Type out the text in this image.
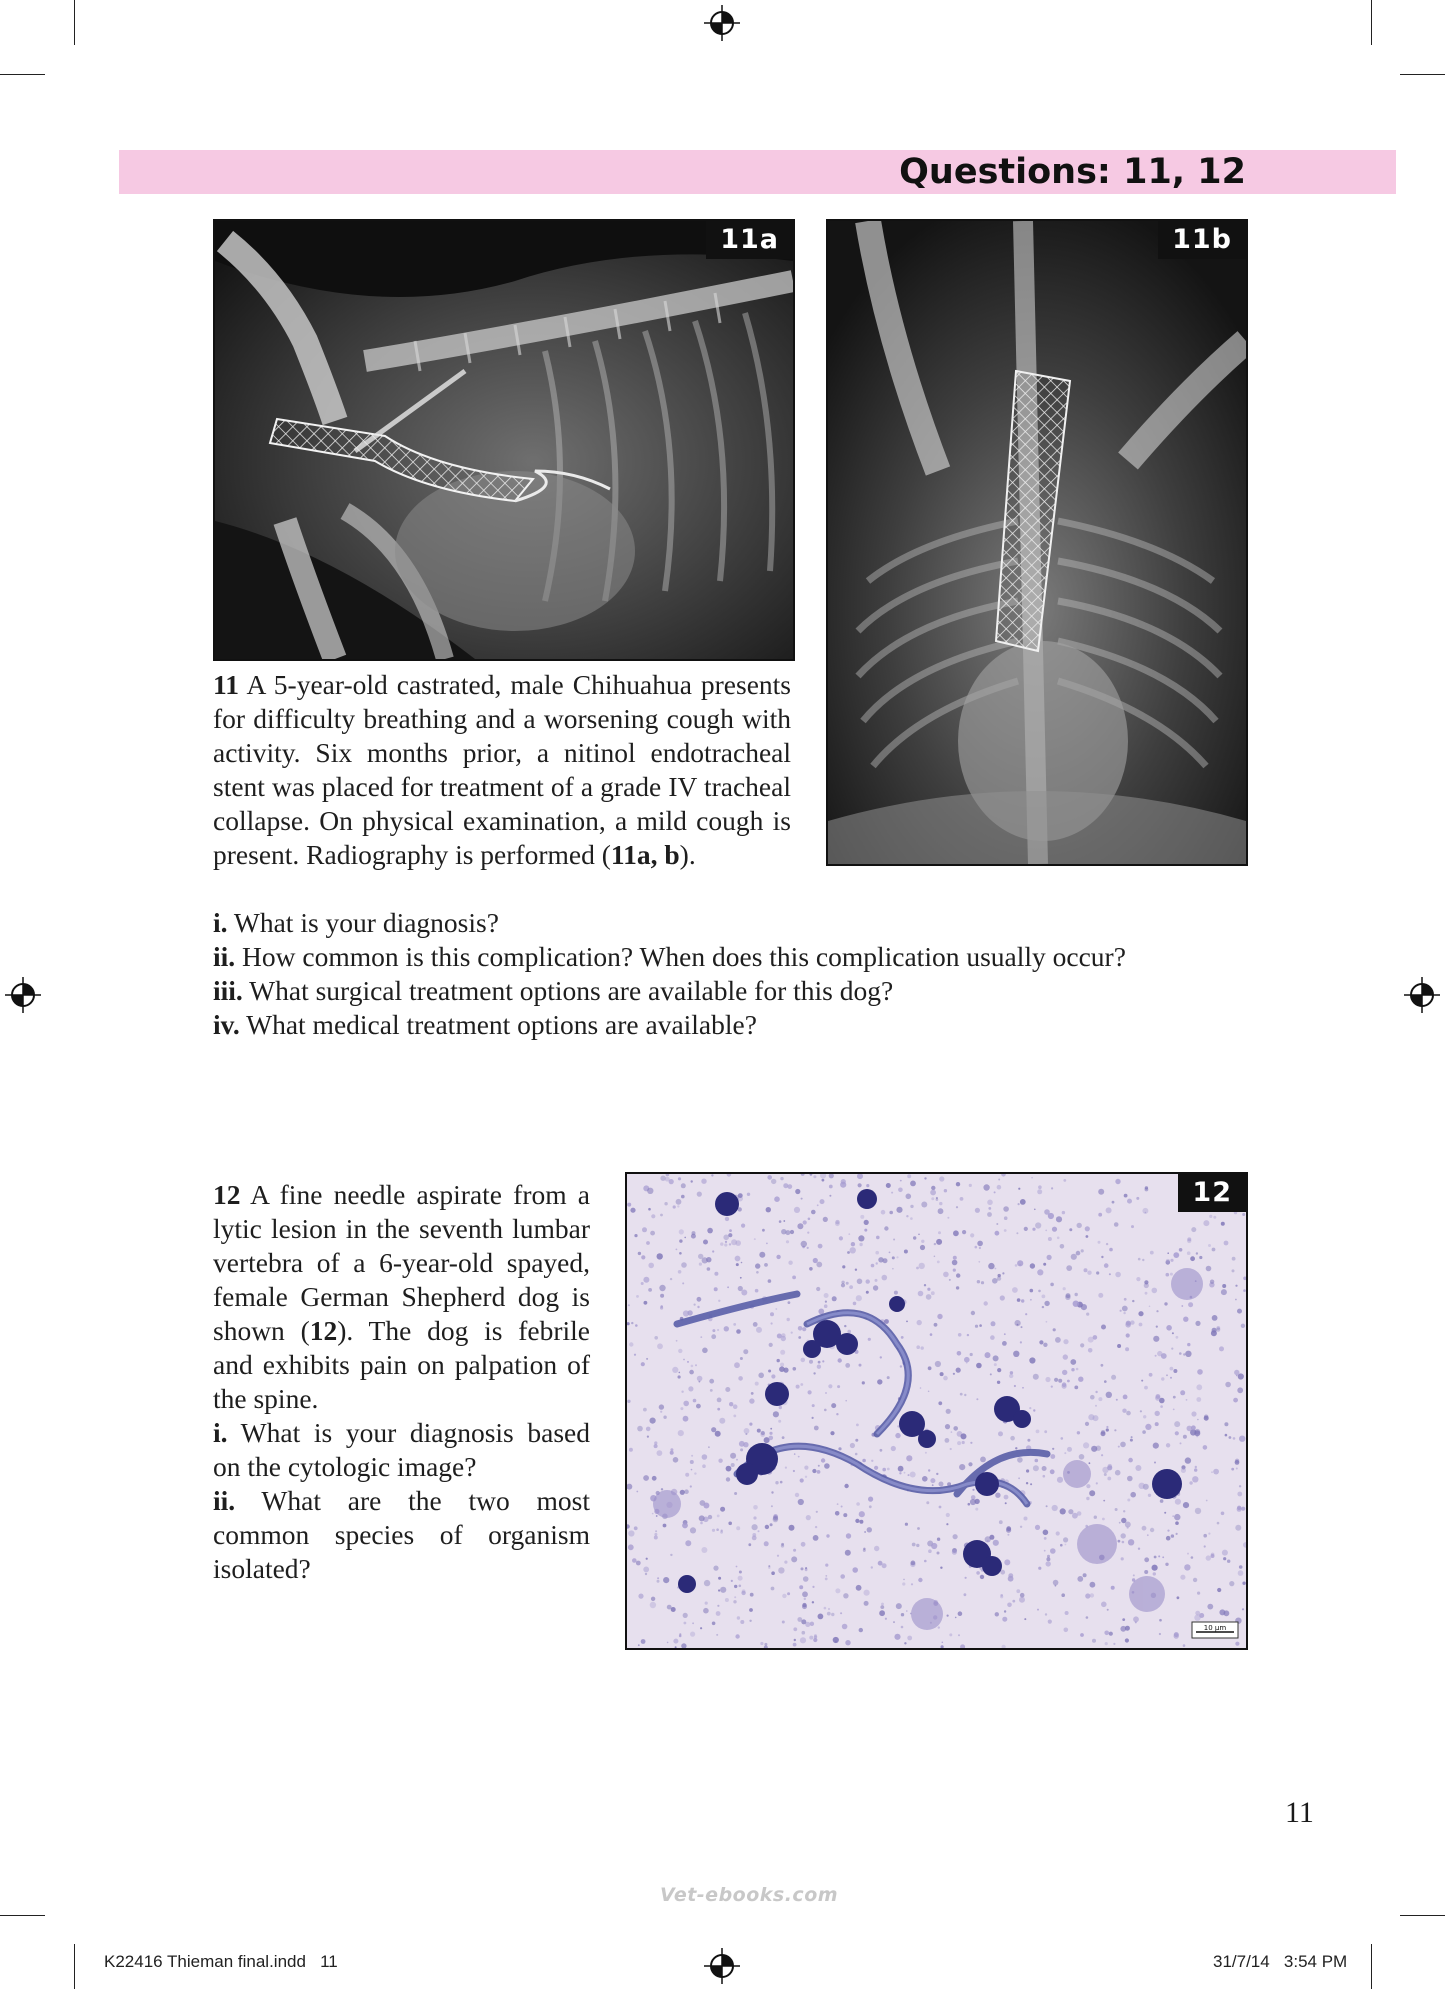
Questions: 11, 12
11a	11b
11 A 5-year-old castrated, male Chihuahua presents for difficulty breathing and a worsening cough with activity. Six months prior, a nitinol endotracheal stent was placed for treatment of a grade IV tracheal collapse. On physical examination, a mild cough is present. Radiography is performed (11a, b).
i. What is your diagnosis?
ii. How common is this complication? When does this complication usually occur?
iii. What surgical treatment options are available for this dog?
iv. What medical treatment options are available?
12 A fine needle aspirate from a lytic lesion in the seventh lumbar vertebra of a 6-year-old spayed, female German Shepherd dog is shown (12). The dog is febrile and exhibits pain on palpation of the spine.
i. What is your diagnosis based on the cytologic image?
ii. What are the two most common species of organism isolated?
10 µm
12
11
Vet-ebooks.com
K22416 Thieman final.indd   11	31/7/14   3:54 PM
